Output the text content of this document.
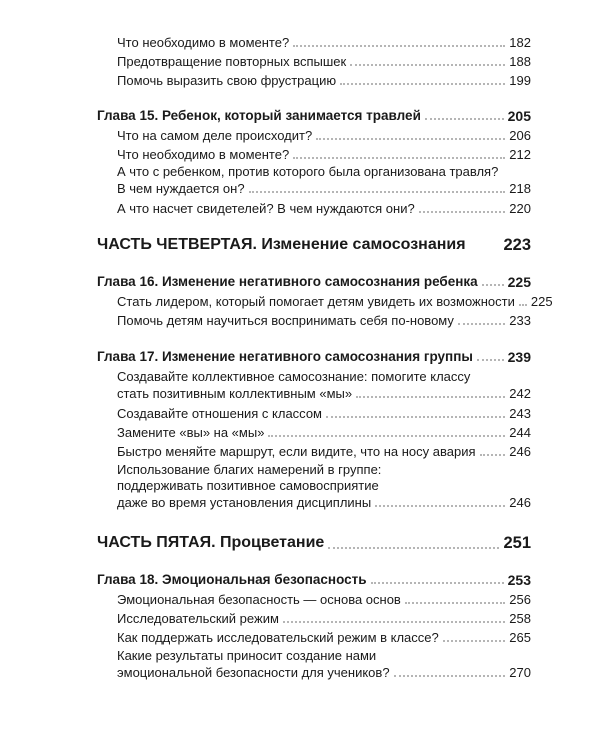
Что необходимо в моменте?	182
Предотвращение повторных вспышек	188
Помочь выразить свою фрустрацию	199
Глава 15. Ребенок, который занимается травлей	205
Что на самом деле происходит?	206
Что необходимо в моменте?	212
А что с ребенком, против которого была организована травля?
В чем нуждается он?	218
А что насчет свидетелей? В чем нуждаются они?	220
ЧАСТЬ ЧЕТВЕРТАЯ. Изменение самосознания 223
Глава 16. Изменение негативного самосознания ребенка 225
Стать лидером, который помогает детям увидеть их возможности 225
Помочь детям научиться воспринимать себя по-новому	233
Глава 17. Изменение негативного самосознания группы 239
Создавайте коллективное самосознание: помогите классу
стать позитивным коллективным «мы»	242
Создавайте отношения с классом	243
Замените «вы» на «мы»	244
Быстро меняйте маршрут, если видите, что на носу авария	246
Использование благих намерений в группе:
поддерживать позитивное самовосприятие
даже во время установления дисциплины	246
ЧАСТЬ ПЯТАЯ. Процветание	251
Глава 18. Эмоциональная безопасность	253
Эмоциональная безопасность — основа основ	256
Исследовательский режим	258
Как поддержать исследовательский режим в классе?	265
Какие результаты приносит создание нами
эмоциональной безопасности для учеников?	270
